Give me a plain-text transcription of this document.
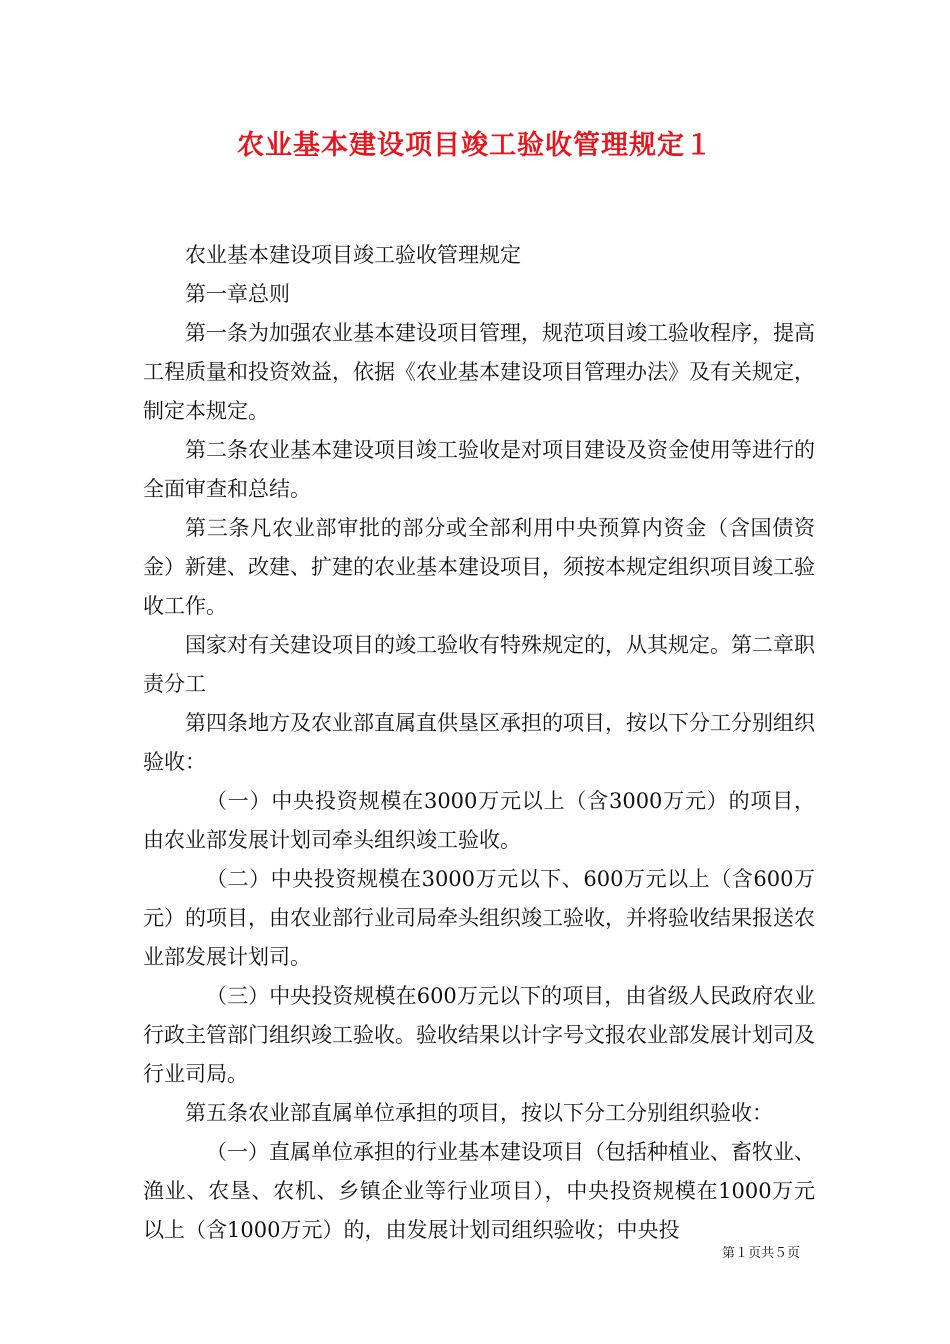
农业基本建设项目竣工验收管理规定１

农业基本建设项目竣工验收管理规定

第一章总则

第一条为加强农业基本建设项目管理，规范项目竣工验收程序，提高工程质量和投资效益，依据《农业基本建设项目管理办法》及有关规定，制定本规定。

第二条农业基本建设项目竣工验收是对项目建设及资金使用等进行的全面审查和总结。

第三条凡农业部审批的部分或全部利用中央预算内资金（含国债资金）新建、改建、扩建的农业基本建设项目，须按本规定组织项目竣工验收工作。

国家对有关建设项目的竣工验收有特殊规定的，从其规定。第二章职责分工

第四条地方及农业部直属直供垦区承担的项目，按以下分工分别组织验收：

（一）中央投资规模在3000万元以上（含3000万元）的项目，由农业部发展计划司牵头组织竣工验收。

（二）中央投资规模在3000万元以下、600万元以上（含600万元）的项目，由农业部行业司局牵头组织竣工验收，并将验收结果报送农业部发展计划司。

（三）中央投资规模在600万元以下的项目，由省级人民政府农业行政主管部门组织竣工验收。验收结果以计字号文报农业部发展计划司及行业司局。

第五条农业部直属单位承担的项目，按以下分工分别组织验收：

（一）直属单位承担的行业基本建设项目（包括种植业、畜牧业、渔业、农垦、农机、乡镇企业等行业项目），中央投资规模在1000万元以上（含1000万元）的，由发展计划司组织验收；中央投

第１页共５页
